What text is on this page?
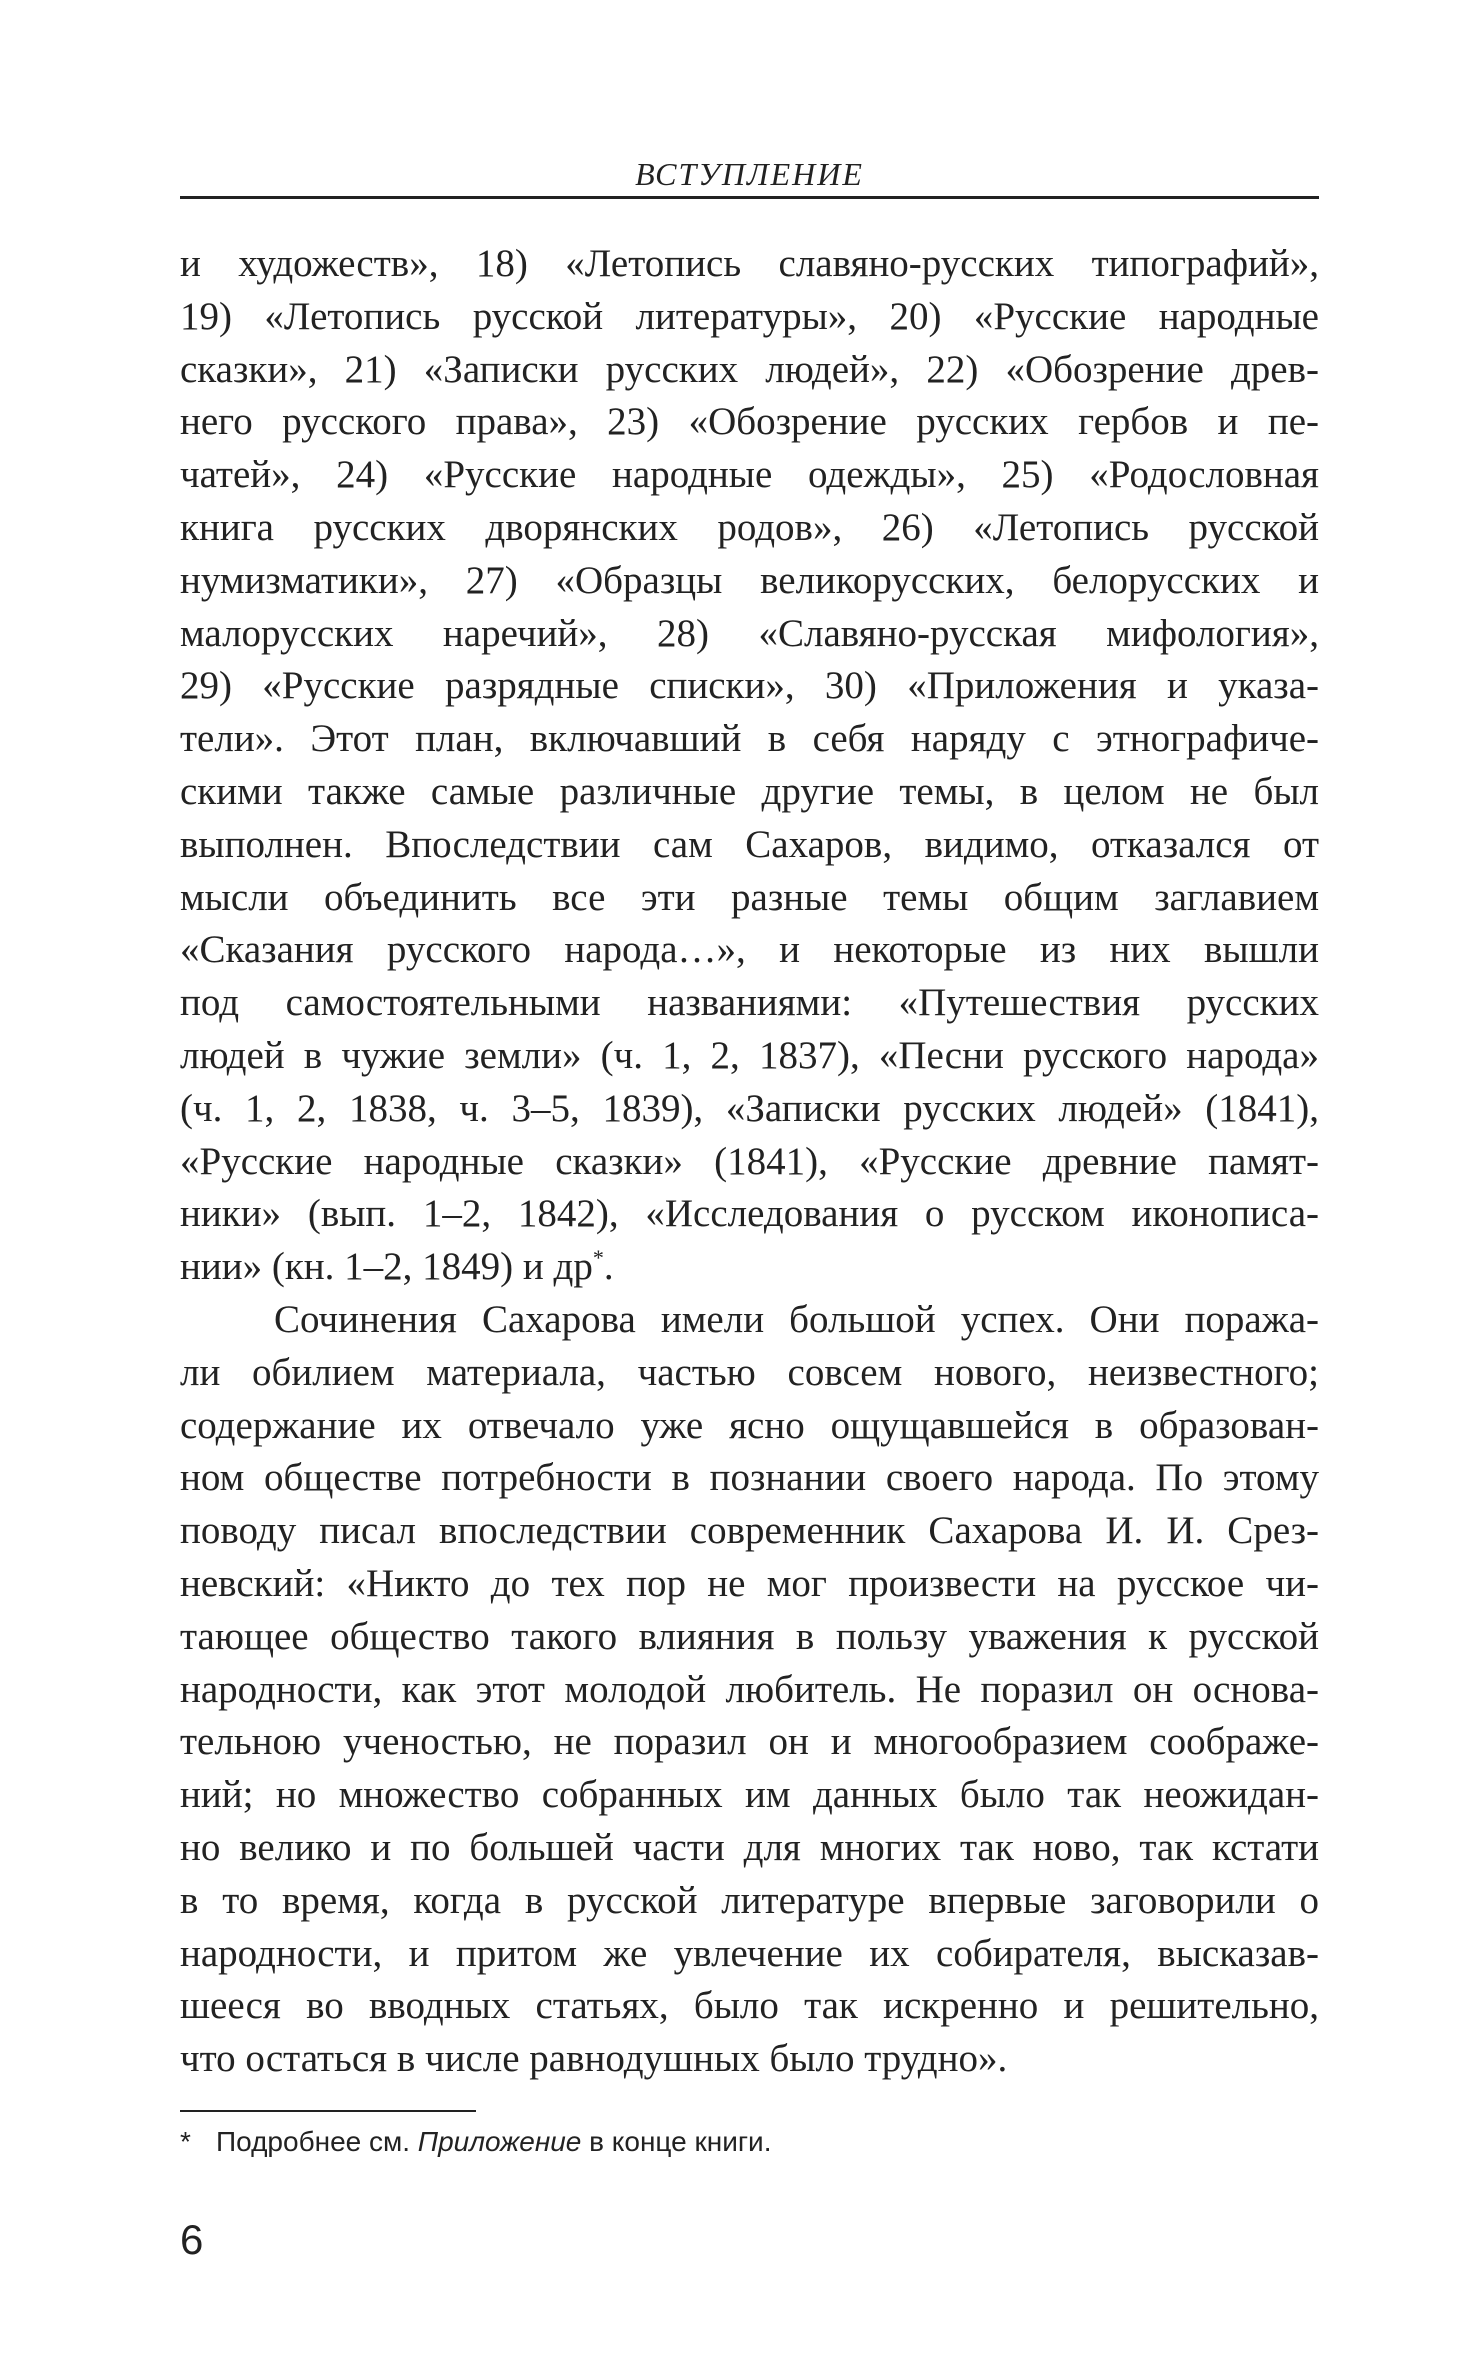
ВСТУПЛЕНИЕ
и художеств», 18) «Летопись славяно-русских типографий»,
19) «Летопись русской литературы», 20) «Русские народные
сказки», 21) «Записки русских людей», 22) «Обозрение древ-
него русского права», 23) «Обозрение русских гербов и пе-
чатей», 24) «Русские народные одежды», 25) «Родословная
книга русских дворянских родов», 26) «Летопись русской
нумизматики», 27) «Образцы великорусских, белорусских и
малорусских наречий», 28) «Славяно-русская мифология»,
29) «Русские разрядные списки», 30) «Приложения и указа-
тели». Этот план, включавший в себя наряду с этнографиче-
скими также самые различные другие темы, в целом не был
выполнен. Впоследствии сам Сахаров, видимо, отказался от
мысли объединить все эти разные темы общим заглавием
«Сказания русского народа…», и некоторые из них вышли
под самостоятельными названиями: «Путешествия русских
людей в чужие земли» (ч. 1, 2, 1837), «Песни русского народа»
(ч. 1, 2, 1838, ч. 3–5, 1839), «Записки русских людей» (1841),
«Русские народные сказки» (1841), «Русские древние памят-
ники» (вып. 1–2, 1842), «Исследования о русском иконописа-
нии» (кн. 1–2, 1849) и др*.
Сочинения Сахарова имели большой успех. Они поража-
ли обилием материала, частью совсем нового, неизвестного;
содержание их отвечало уже ясно ощущавшейся в образован-
ном обществе потребности в познании своего народа. По этому
поводу писал впоследствии современник Сахарова И. И. Срез-
невский: «Никто до тех пор не мог произвести на русское чи-
тающее общество такого влияния в пользу уважения к русской
народности, как этот молодой любитель. Не поразил он основа-
тельною ученостью, не поразил он и многообразием соображе-
ний; но множество собранных им данных было так неожидан-
но велико и по большей части для многих так ново, так кстати
в то время, когда в русской литературе впервые заговорили о
народности, и притом же увлечение их собирателя, высказав-
шееся во вводных статьях, было так искренно и решительно,
что остаться в числе равнодушных было трудно».
* Подробнее см. Приложение в конце книги.
6
